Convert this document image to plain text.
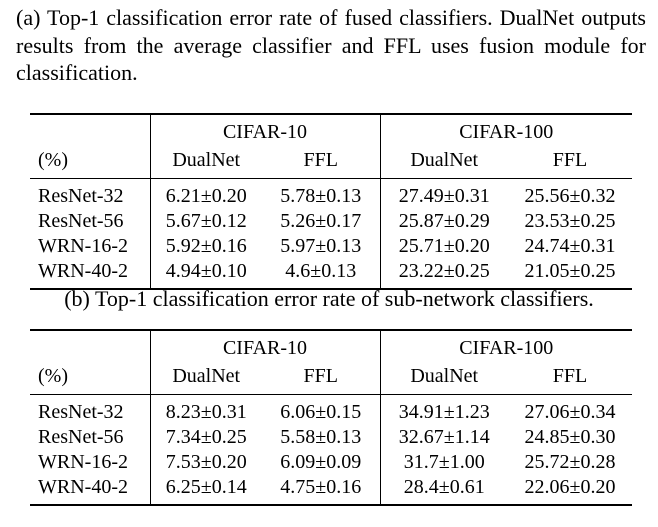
(a) Top-1 classification error rate of fused classifiers. DualNet outputs results from the average classifier and FFL uses fusion module for classification.
	CIFAR-10		CIFAR-100	
(%)	DualNet	FFL	DualNet	FFL
ResNet-32	6.21±0.20	5.78±0.13	27.49±0.31	25.56±0.32
ResNet-56	5.67±0.12	5.26±0.17	25.87±0.29	23.53±0.25
WRN-16-2	5.92±0.16	5.97±0.13	25.71±0.20	24.74±0.31
WRN-40-2	4.94±0.10	4.6±0.13	23.22±0.25	21.05±0.25
(b) Top-1 classification error rate of sub-network classifiers.
	CIFAR-10		CIFAR-100	
(%)	DualNet	FFL	DualNet	FFL
ResNet-32	8.23±0.31	6.06±0.15	34.91±1.23	27.06±0.34
ResNet-56	7.34±0.25	5.58±0.13	32.67±1.14	24.85±0.30
WRN-16-2	7.53±0.20	6.09±0.09	31.7±1.00	25.72±0.28
WRN-40-2	6.25±0.14	4.75±0.16	28.4±0.61	22.06±0.20
